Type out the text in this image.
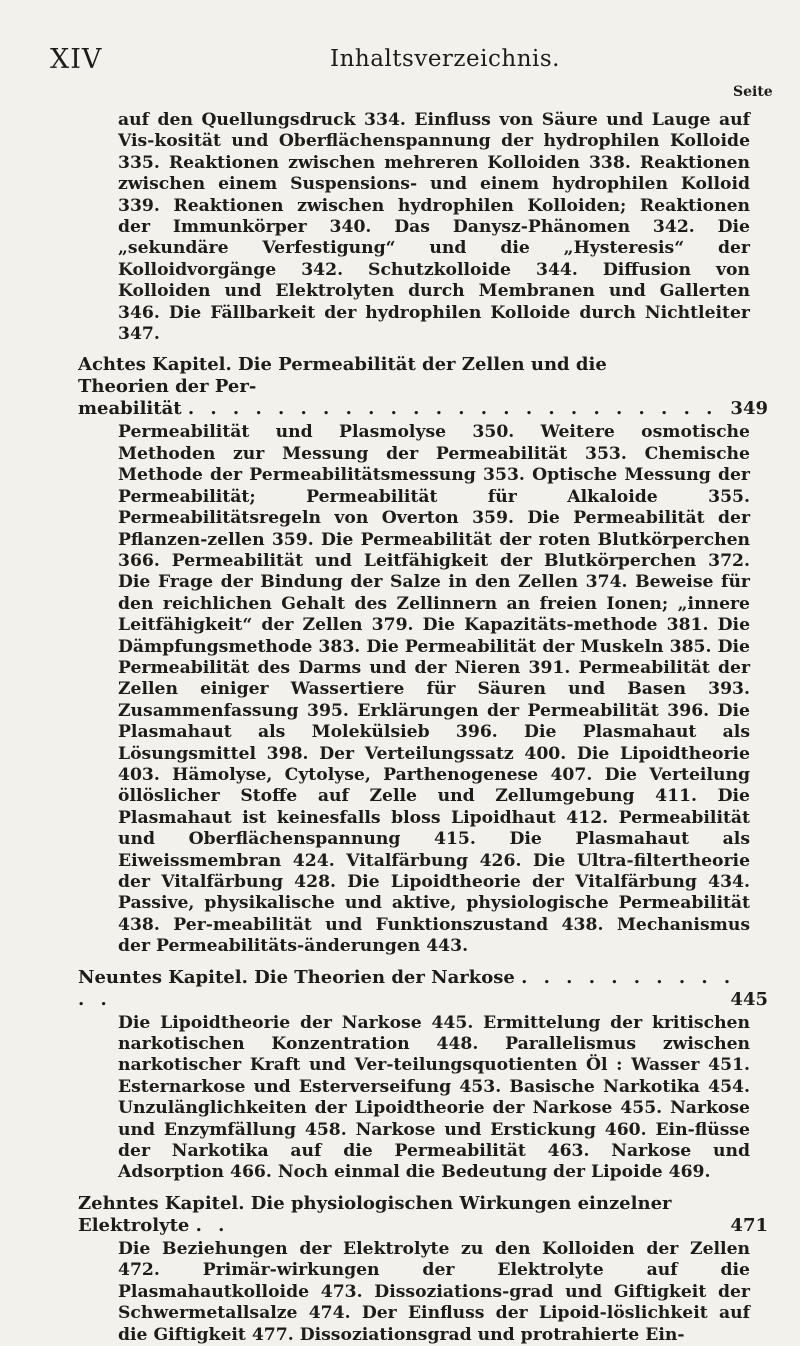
XIV	Inhaltsverzeichnis.
Seite

auf den Quellungsdruck 334. Einfluss von Säure und Lauge auf Vis-kosität und Oberflächenspannung der hydrophilen Kolloide 335. Reaktionen zwischen mehreren Kolloiden 338. Reaktionen zwischen einem Suspensions- und einem hydrophilen Kolloid 339. Reaktionen zwischen hydrophilen Kolloiden; Reaktionen der Immunkörper 340. Das Danysz-Phänomen 342. Die „sekundäre Verfestigung“ und die „Hysteresis“ der Kolloidvorgänge 342. Schutzkolloide 344. Diffusion von Kolloiden und Elektrolyten durch Membranen und Gallerten 346. Die Fällbarkeit der hydrophilen Kolloide durch Nichtleiter 347.

Achtes Kapitel. Die Permeabilität der Zellen und die Theorien der Per-
meabilität . . . . . . . . . . . . . . . . . . . . . . . . 349

Permeabilität und Plasmolyse 350. Weitere osmotische Methoden zur Messung der Permeabilität 353. Chemische Methode der Permeabilitätsmessung 353. Optische Messung der Permeabilität; Permeabilität für Alkaloide 355. Permeabilitätsregeln von Overton 359. Die Permeabilität der Pflanzen-zellen 359. Die Permeabilität der roten Blutkörperchen 366. Permeabilität und Leitfähigkeit der Blutkörperchen 372. Die Frage der Bindung der Salze in den Zellen 374. Beweise für den reichlichen Gehalt des Zellinnern an freien Ionen; „innere Leitfähigkeit“ der Zellen 379. Die Kapazitäts-methode 381. Die Dämpfungsmethode 383. Die Permeabilität der Muskeln 385. Die Permeabilität des Darms und der Nieren 391. Permeabilität der Zellen einiger Wassertiere für Säuren und Basen 393. Zusammenfassung 395. Erklärungen der Permeabilität 396. Die Plasmahaut als Molekülsieb 396. Die Plasmahaut als Lösungsmittel 398. Der Verteilungssatz 400. Die Lipoidtheorie 403. Hämolyse, Cytolyse, Parthenogenese 407. Die Verteilung öllöslicher Stoffe auf Zelle und Zellumgebung 411. Die Plasmahaut ist keinesfalls bloss Lipoidhaut 412. Permeabilität und Oberflächenspannung 415. Die Plasmahaut als Eiweissmembran 424. Vitalfärbung 426. Die Ultra-filtertheorie der Vitalfärbung 428. Die Lipoidtheorie der Vitalfärbung 434. Passive, physikalische und aktive, physiologische Permeabilität 438. Per-meabilität und Funktionszustand 438. Mechanismus der Permeabilitäts-änderungen 443.

Neuntes Kapitel. Die Theorien der Narkose . . . . . . . . . . . .	445

Die Lipoidtheorie der Narkose 445. Ermittelung der kritischen narkotischen Konzentration 448. Parallelismus zwischen narkotischer Kraft und Ver-teilungsquotienten Öl : Wasser 451. Esternarkose und Esterverseifung 453. Basische Narkotika 454. Unzulänglichkeiten der Lipoidtheorie der Narkose 455. Narkose und Enzymfällung 458. Narkose und Erstickung 460. Ein-flüsse der Narkotika auf die Permeabilität 463. Narkose und Adsorption 466. Noch einmal die Bedeutung der Lipoide 469.

Zehntes Kapitel. Die physiologischen Wirkungen einzelner Elektrolyte . .	471

Die Beziehungen der Elektrolyte zu den Kolloiden der Zellen 472. Primär-wirkungen der Elektrolyte auf die Plasmahautkolloide 473. Dissoziations-grad und Giftigkeit der Schwermetallsalze 474. Der Einfluss der Lipoid-löslichkeit auf die Giftigkeit 477. Dissoziationsgrad und protrahierte Ein-
